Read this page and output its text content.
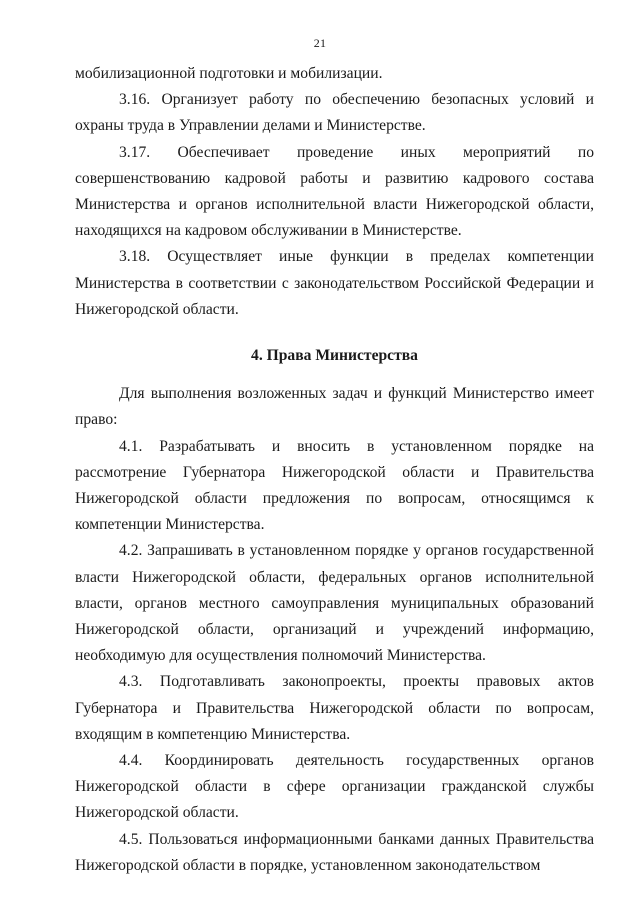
21

мобилизационной подготовки и мобилизации.

3.16. Организует работу по обеспечению безопасных условий и охраны труда в Управлении делами и Министерстве.

3.17. Обеспечивает проведение иных мероприятий по совершенствованию кадровой работы и развитию кадрового состава Министерства и органов исполнительной власти Нижегородской области, находящихся на кадровом обслуживании в Министерстве.

3.18. Осуществляет иные функции в пределах компетенции Министерства в соответствии с законодательством Российской Федерации и Нижегородской области.

4. Права Министерства

Для выполнения возложенных задач и функций Министерство имеет право:

4.1. Разрабатывать и вносить в установленном порядке на рассмотрение Губернатора Нижегородской области и Правительства Нижегородской области предложения по вопросам, относящимся к компетенции Министерства.

4.2. Запрашивать в установленном порядке у органов государственной власти Нижегородской области, федеральных органов исполнительной власти, органов местного самоуправления муниципальных образований Нижегородской области, организаций и учреждений информацию, необходимую для осуществления полномочий Министерства.

4.3. Подготавливать законопроекты, проекты правовых актов Губернатора и Правительства Нижегородской области по вопросам, входящим в компетенцию Министерства.

4.4. Координировать деятельность государственных органов Нижегородской области в сфере организации гражданской службы Нижегородской области.

4.5. Пользоваться информационными банками данных Правительства Нижегородской области в порядке, установленном законодательством
